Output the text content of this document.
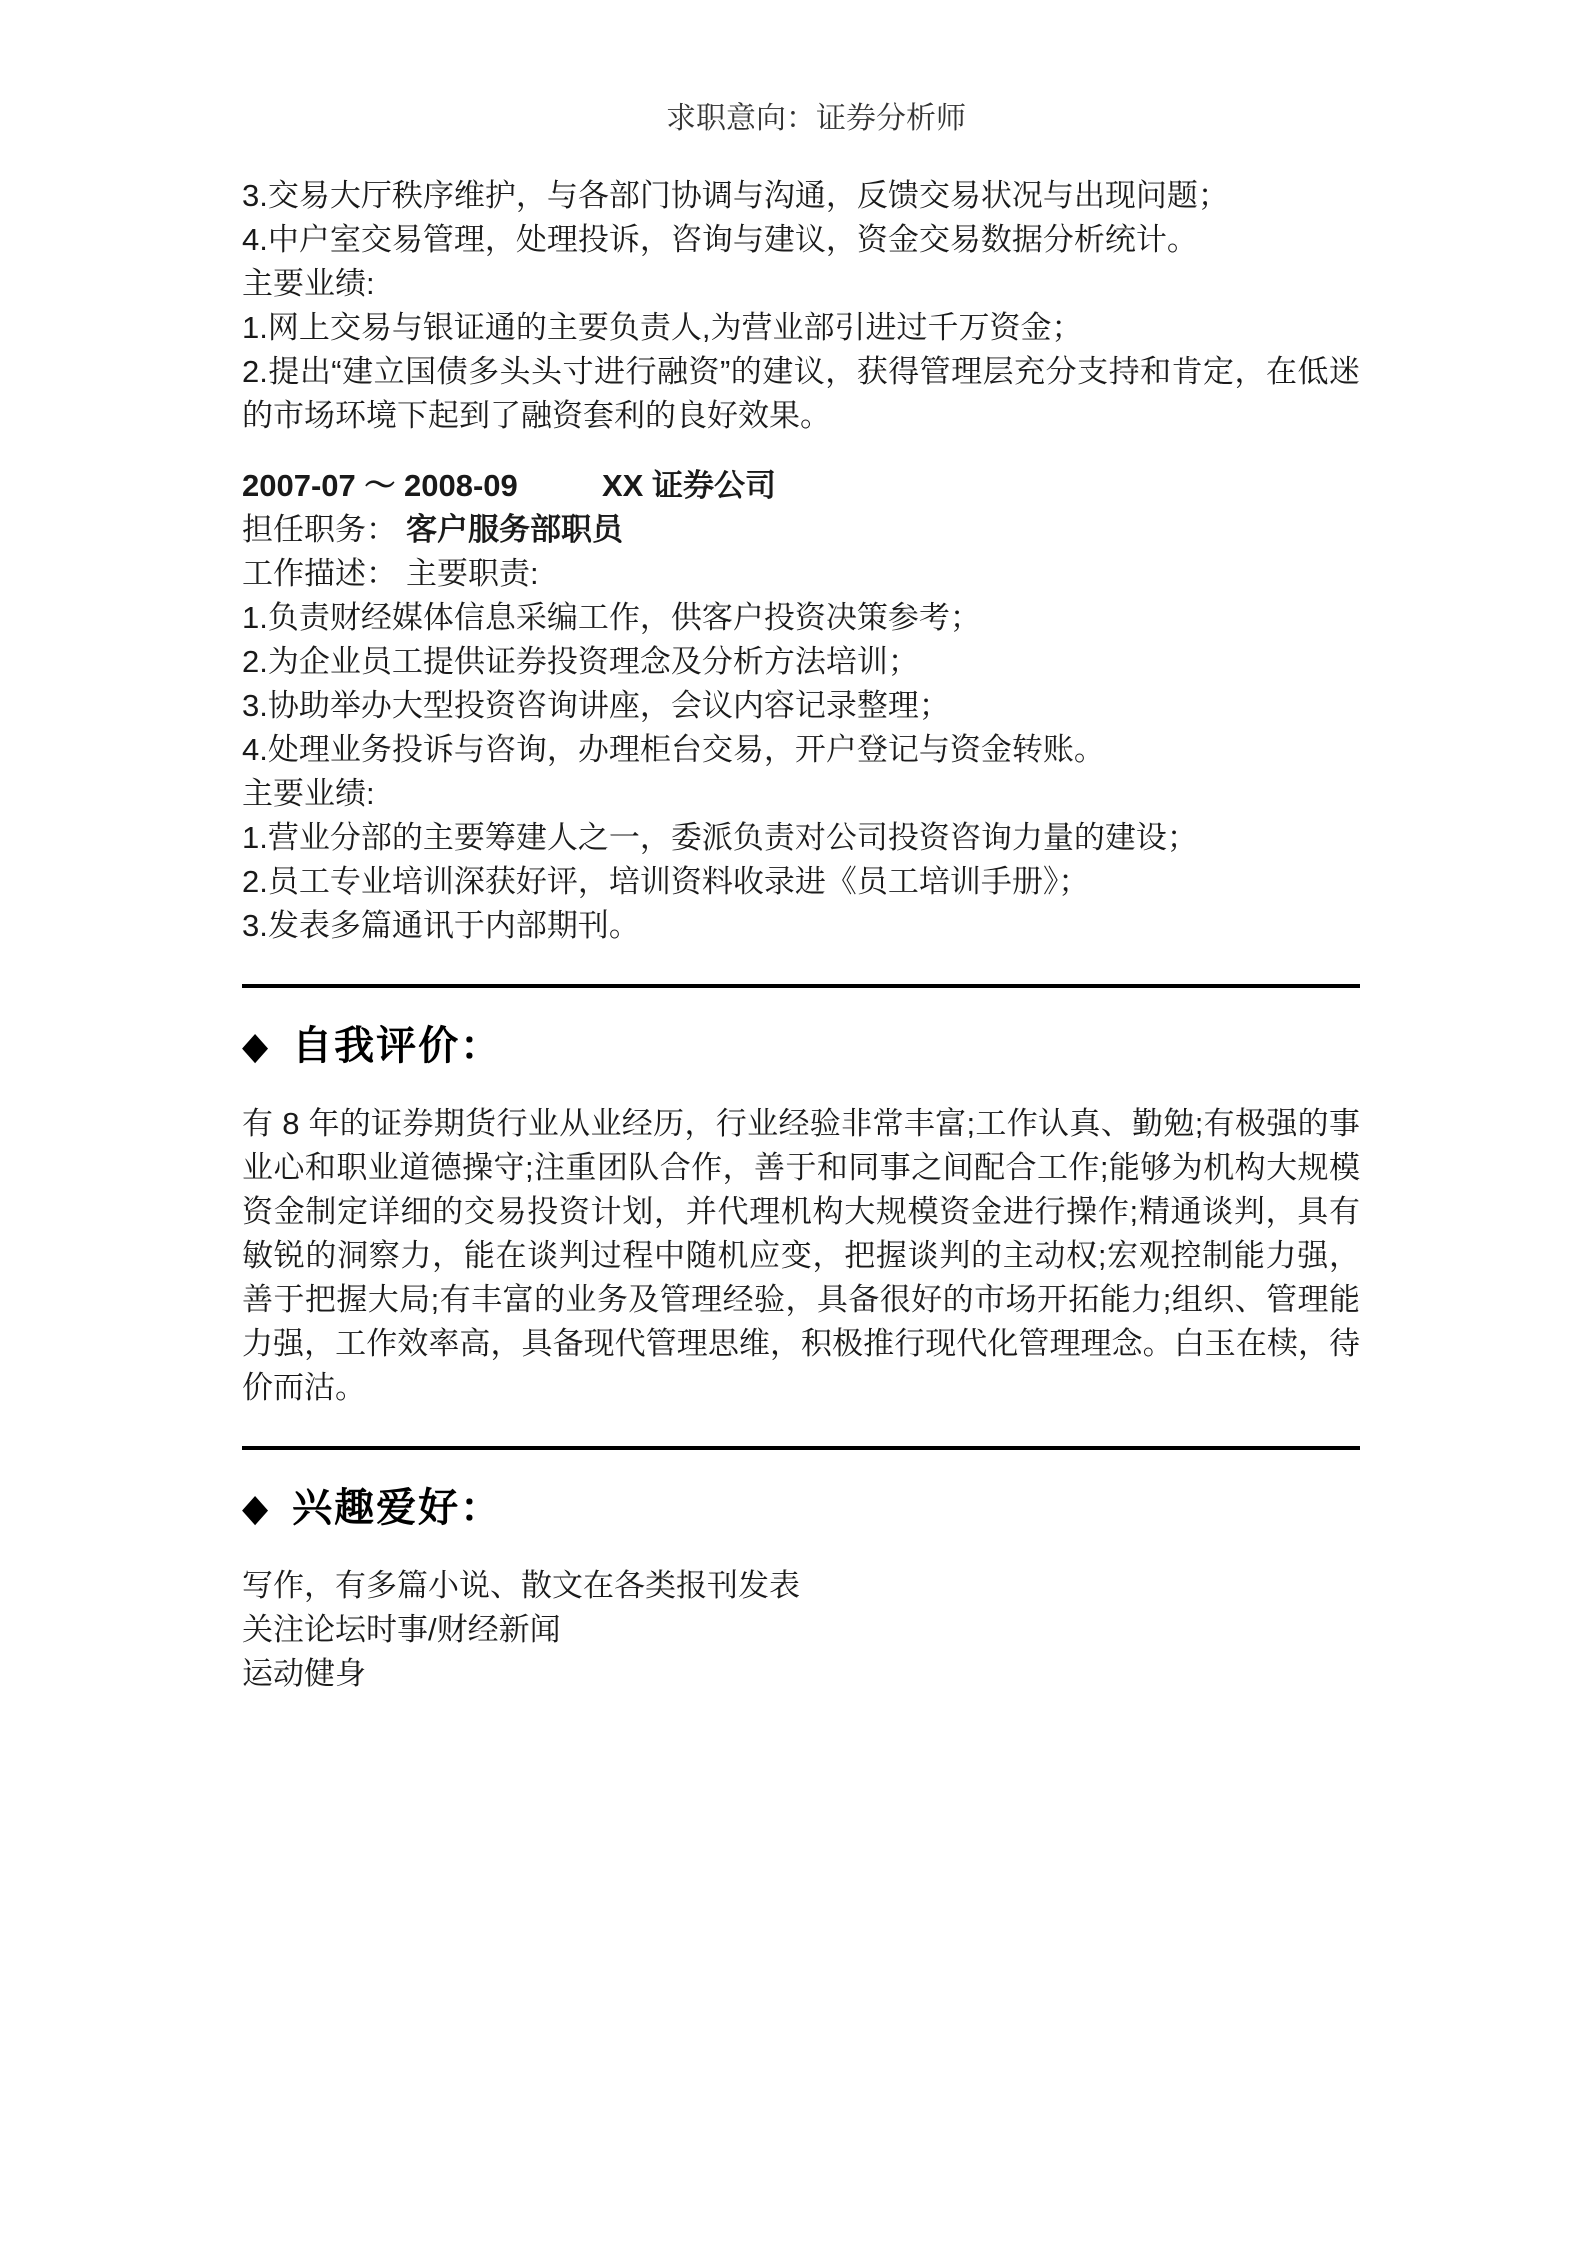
求职意向：证券分析师
3.交易大厅秩序维护，与各部门协调与沟通，反馈交易状况与出现问题；
4.中户室交易管理，处理投诉，咨询与建议，资金交易数据分析统计。
主要业绩:
1.网上交易与银证通的主要负责人,为营业部引进过千万资金；
2.提出“建立国债多头头寸进行融资”的建议，获得管理层充分支持和肯定，在低迷的市场环境下起到了融资套利的良好效果。
2007-07 ～ 2008-09	XX 证券公司
担任职务： 客户服务部职员
工作描述： 主要职责:
1.负责财经媒体信息采编工作，供客户投资决策参考；
2.为企业员工提供证券投资理念及分析方法培训；
3.协助举办大型投资咨询讲座，会议内容记录整理；
4.处理业务投诉与咨询，办理柜台交易，开户登记与资金转账。
主要业绩:
1.营业分部的主要筹建人之一，委派负责对公司投资咨询力量的建设；
2.员工专业培训深获好评，培训资料收录进《员工培训手册》；
3.发表多篇通讯于内部期刊。
◆ 自我评价：
有 8 年的证券期货行业从业经历，行业经验非常丰富;工作认真、勤勉;有极强的事业心和职业道德操守;注重团队合作，善于和同事之间配合工作;能够为机构大规模资金制定详细的交易投资计划，并代理机构大规模资金进行操作;精通谈判，具有敏锐的洞察力，能在谈判过程中随机应变，把握谈判的主动权;宏观控制能力强，善于把握大局;有丰富的业务及管理经验，具备很好的市场开拓能力;组织、管理能力强，工作效率高，具备现代管理思维，积极推行现代化管理理念。白玉在椟，待价而沽。
◆ 兴趣爱好：
写作，有多篇小说、散文在各类报刊发表
关注论坛时事/财经新闻
运动健身
